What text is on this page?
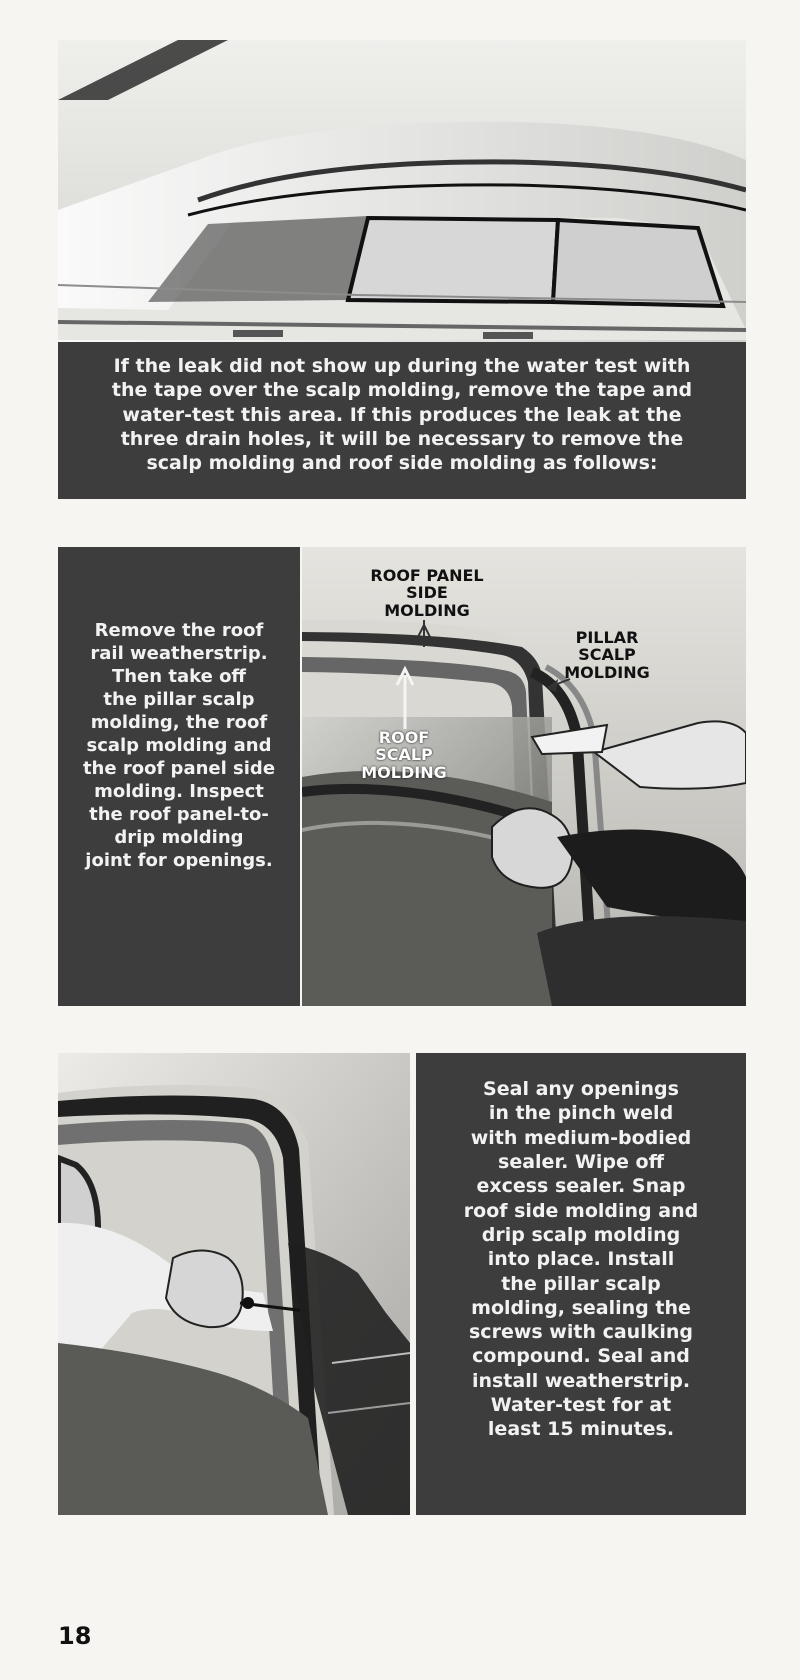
If the leak did not show up during the water test with
the tape over the scalp molding, remove the tape and
water-test this area. If this produces the leak at the
three drain holes, it will be necessary to remove the
scalp molding and roof side molding as follows:

Remove the roof
rail weatherstrip.
Then take off
the pillar scalp
molding, the roof
scalp molding and
the roof panel side
molding. Inspect
the roof panel-to-
drip molding
joint for openings.

ROOF PANEL SIDE
MOLDING
PILLAR SCALP
MOLDING
ROOF SCALP
MOLDING

Seal any openings
in the pinch weld
with medium-bodied
sealer. Wipe off
excess sealer. Snap
roof side molding and
drip scalp molding
into place. Install
the pillar scalp
molding, sealing the
screws with caulking
compound. Seal and
install weatherstrip.
Water-test for at
least 15 minutes.

18
